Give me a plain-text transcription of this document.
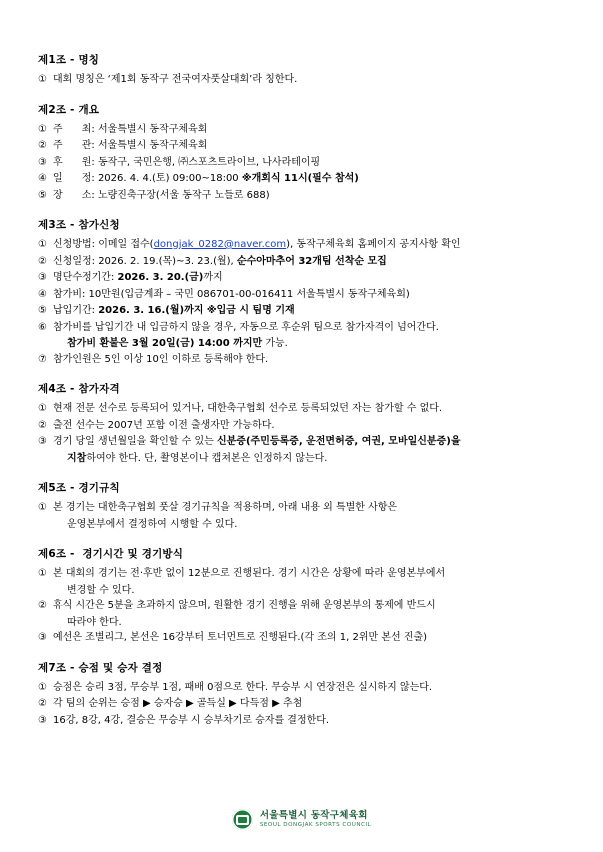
제1조 - 명칭
① 대회 명칭은 ‘제1회 동작구 전국여자풋살대회’라 칭한다.
제2조 - 개요
① 주      최: 서울특별시 동작구체육회
② 주      관: 서울특별시 동작구체육회
③ 후      원: 동작구, 국민은행, ㈜스포츠트라이브, 나사라테이핑
④ 일      정: 2026. 4. 4.(토) 09:00~18:00 ※개회식 11시(필수 참석)
⑤ 장      소: 노량진축구장(서울 동작구 노들로 688)
제3조 - 참가신청
① 신청방법: 이메일 접수(dongjak_0282@naver.com), 동작구체육회 홈페이지 공지사항 확인
② 신청일정: 2026. 2. 19.(목)~3. 23.(월), 순수아마추어 32개팀 선착순 모집
③ 명단수정기간: 2026. 3. 20.(금)까지
④ 참가비: 10만원(입금계좌 – 국민 086701-00-016411 서울특별시 동작구체육회)
⑤ 납입기간: 2026. 3. 16.(월)까지 ※입금 시 팀명 기재
⑥ 참가비를 납입기간 내 입금하지 않을 경우, 자동으로 후순위 팀으로 참가자격이 넘어간다.
참가비 환불은 3월 20일(금) 14:00 까지만 가능.
⑦ 참가인원은 5인 이상 10인 이하로 등록해야 한다.
제4조 - 참가자격
① 현재 전문 선수로 등록되어 있거나, 대한축구협회 선수로 등록되었던 자는 참가할 수 없다.
② 출전 선수는 2007년 포함 이전 출생자만 가능하다.
③ 경기 당일 생년월일을 확인할 수 있는 신분증(주민등록증, 운전면허증, 여권, 모바일신분증)을
지참하여야 한다. 단, 촬영본이나 캡쳐본은 인정하지 않는다.
제5조 - 경기규칙
① 본 경기는 대한축구협회 풋살 경기규칙을 적용하며, 아래 내용 외 특별한 사항은
운영본부에서 결정하여 시행할 수 있다.
제6조 -  경기시간 및 경기방식
① 본 대회의 경기는 전·후반 없이 12분으로 진행된다. 경기 시간은 상황에 따라 운영본부에서
변경할 수 있다.
② 휴식 시간은 5분을 초과하지 않으며, 원활한 경기 진행을 위해 운영본부의 통제에 반드시
따라야 한다.
③ 예선은 조별리그, 본선은 16강부터 토너먼트로 진행된다.(각 조의 1, 2위만 본선 진출)
제7조 - 승점 및 승자 결정
① 승점은 승리 3점, 무승부 1점, 패배 0점으로 한다. 무승부 시 연장전은 실시하지 않는다.
② 각 팀의 순위는 승점 ▶ 승자승 ▶ 골득실 ▶ 다득점 ▶ 추첨
③ 16강, 8강, 4강, 결승은 무승부 시 승부차기로 승자를 결정한다.
서울특별시 동작구체육회
SEOUL DONGJAK SPORTS COUNCIL
